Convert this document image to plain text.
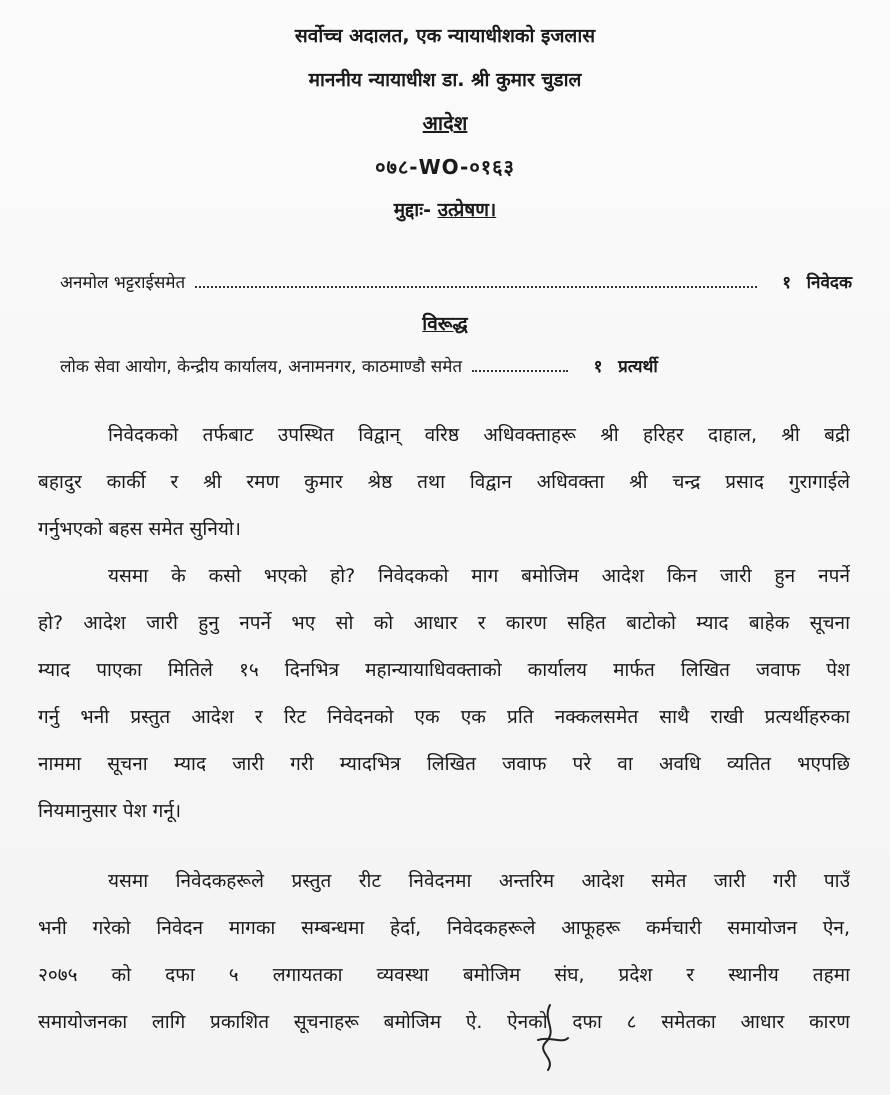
सर्वोच्च अदालत, एक न्यायाधीशको इजलास
माननीय न्यायाधीश डा. श्री कुमार चुडाल
आदेश
०७८-WO-०१६३
मुद्दाः- उत्प्रेषण।
अनमोल भट्टराईसमेत	१ निवेदक
विरूद्ध
लोक सेवा आयोग, केन्द्रीय कार्यालय, अनामनगर, काठमाण्डौ समेत	१ प्रत्यर्थी
निवेदकको तर्फबाट उपस्थित विद्वान् वरिष्ठ अधिवक्ताहरू श्री हरिहर दाहाल, श्री बद्री
बहादुर कार्की र श्री रमण कुमार श्रेष्ठ तथा विद्वान अधिवक्ता श्री चन्द्र प्रसाद गुरागाईले
गर्नुभएको बहस समेत सुनियो।
यसमा के कसो भएको हो? निवेदकको माग बमोजिम आदेश किन जारी हुन नपर्ने
हो? आदेश जारी हुनु नपर्ने भए सो को आधार र कारण सहित बाटोको म्याद बाहेक सूचना
म्याद पाएका मितिले १५ दिनभित्र महान्यायाधिवक्ताको कार्यालय मार्फत लिखित जवाफ पेश
गर्नु भनी प्रस्तुत आदेश र रिट निवेदनको एक एक प्रति नक्कलसमेत साथै राखी प्रत्यर्थीहरुका
नाममा सूचना म्याद जारी गरी म्यादभित्र लिखित जवाफ परे वा अवधि व्यतित भएपछि
नियमानुसार पेश गर्नू।
यसमा निवेदकहरूले प्रस्तुत रीट निवेदनमा अन्तरिम आदेश समेत जारी गरी पाउँ
भनी गरेको निवेदन मागका सम्बन्धमा हेर्दा, निवेदकहरूले आफूहरू कर्मचारी समायोजन ऐन,
२०७५ को दफा ५ लगायतका व्यवस्था बमोजिम संघ, प्रदेश र स्थानीय तहमा
समायोजनका लागि प्रकाशित सूचनाहरू बमोजिम ऐ. ऐनको दफा ८ समेतका आधार कारण
